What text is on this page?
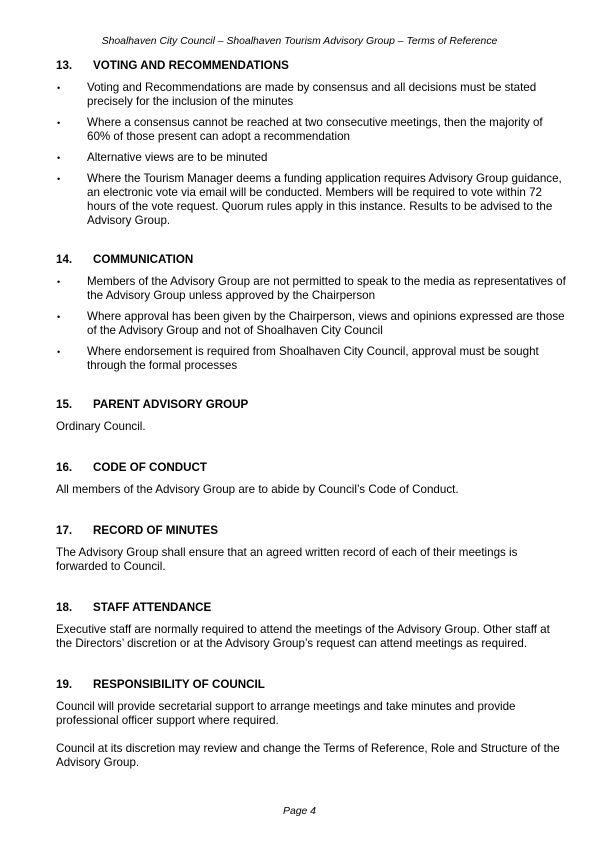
Shoalhaven City Council – Shoalhaven Tourism Advisory Group – Terms of Reference
13.	VOTING AND RECOMMENDATIONS
•	Voting and Recommendations are made by consensus and all decisions must be stated precisely for the inclusion of the minutes
•	Where a consensus cannot be reached at two consecutive meetings, then the majority of 60% of those present can adopt a recommendation
•	Alternative views are to be minuted
•	Where the Tourism Manager deems a funding application requires Advisory Group guidance, an electronic vote via email will be conducted. Members will be required to vote within 72 hours of the vote request. Quorum rules apply in this instance. Results to be advised to the Advisory Group.
14.	COMMUNICATION
•	Members of the Advisory Group are not permitted to speak to the media as representatives of the Advisory Group unless approved by the Chairperson
•	Where approval has been given by the Chairperson, views and opinions expressed are those of the Advisory Group and not of Shoalhaven City Council
•	Where endorsement is required from Shoalhaven City Council, approval must be sought through the formal processes
15.	PARENT ADVISORY GROUP

Ordinary Council.

16.	CODE OF CONDUCT

All members of the Advisory Group are to abide by Council’s Code of Conduct.

17.	RECORD OF MINUTES

The Advisory Group shall ensure that an agreed written record of each of their meetings is forwarded to Council.

18.	STAFF ATTENDANCE

Executive staff are normally required to attend the meetings of the Advisory Group. Other staff at the Directors’ discretion or at the Advisory Group’s request can attend meetings as required.

19.	RESPONSIBILITY OF COUNCIL

Council will provide secretarial support to arrange meetings and take minutes and provide professional officer support where required.

Council at its discretion may review and change the Terms of Reference, Role and Structure of the Advisory Group.

Page 4
